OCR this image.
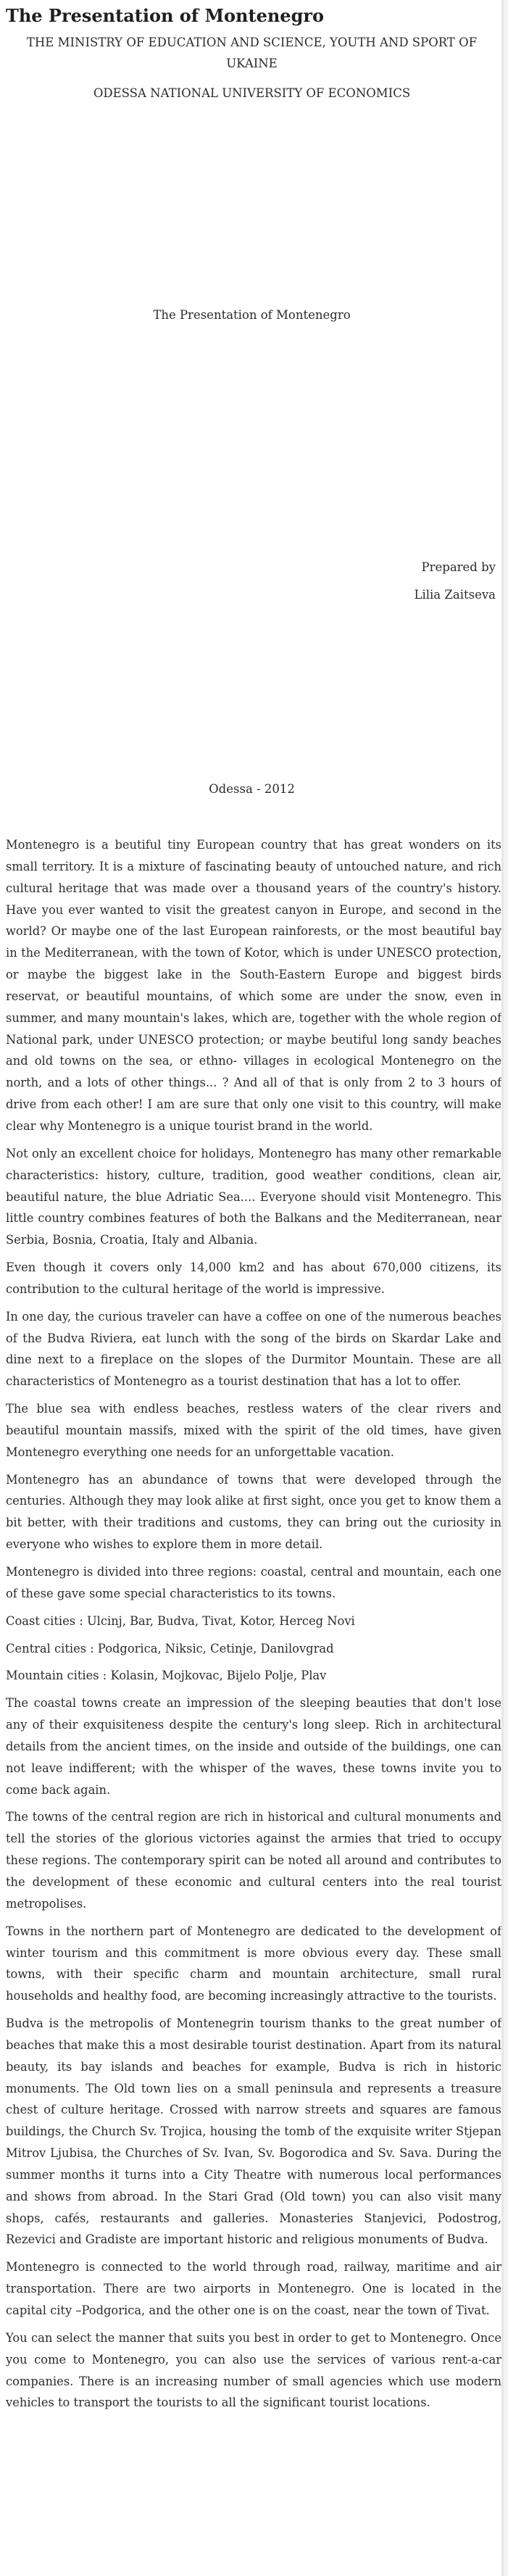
The Presentation of Montenegro
THE MINISTRY OF EDUCATION AND SCIENCE, YOUTH AND SPORT OF
UKAINE
ODESSA NATIONAL UNIVERSITY OF ECONOMICS
The Presentation of Montenegro
Prepared by
Lilia Zaitseva
Odessa - 2012

Montenegro is a beutiful tiny European country that has great wonders on its small territory. It is a mixture of fascinating beauty of untouched nature, and rich cultural heritage that was made over a thousand years of the country's history. Have you ever wanted to visit the greatest canyon in Europe, and second in the world? Or maybe one of the last European rainforests, or the most beautiful bay in the Mediterranean, with the town of Kotor, which is under UNESCO protection, or maybe the biggest lake in the South-Eastern Europe and biggest birds reservat, or beautiful mountains, of which some are under the snow, even in summer, and many mountain's lakes, which are, together with the whole region of National park, under UNESCO protection; or maybe beutiful long sandy beaches and old towns on the sea, or ethno- villages in ecological Montenegro on the north, and a lots of other things... ? And all of that is only from 2 to 3 hours of drive from each other! I am are sure that only one visit to this country, will make clear why Montenegro is a unique tourist brand in the world.

Not only an excellent choice for holidays, Montenegro has many other remarkable characteristics: history, culture, tradition, good weather conditions, clean air, beautiful nature, the blue Adriatic Sea.... Everyone should visit Montenegro. This little country combines features of both the Balkans and the Mediterranean, near Serbia, Bosnia, Croatia, Italy and Albania.

Even though it covers only 14,000 km2 and has about 670,000 citizens, its contribution to the cultural heritage of the world is impressive.

In one day, the curious traveler can have a coffee on one of the numerous beaches of the Budva Riviera, eat lunch with the song of the birds on Skardar Lake and dine next to a fireplace on the slopes of the Durmitor Mountain. These are all characteristics of Montenegro as a tourist destination that has a lot to offer.

The blue sea with endless beaches, restless waters of the clear rivers and beautiful mountain massifs, mixed with the spirit of the old times, have given Montenegro everything one needs for an unforgettable vacation.

Montenegro has an abundance of towns that were developed through the centuries. Although they may look alike at first sight, once you get to know them a bit better, with their traditions and customs, they can bring out the curiosity in everyone who wishes to explore them in more detail.

Montenegro is divided into three regions: coastal, central and mountain, each one of these gave some special characteristics to its towns.

Coast cities : Ulcinj, Bar, Budva, Tivat, Kotor, Herceg Novi

Central cities : Podgorica, Niksic, Cetinje, Danilovgrad

Mountain cities : Kolasin, Mojkovac, Bijelo Polje, Plav

The coastal towns create an impression of the sleeping beauties that don't lose any of their exquisiteness despite the century's long sleep. Rich in architectural details from the ancient times, on the inside and outside of the buildings, one can not leave indifferent; with the whisper of the waves, these towns invite you to come back again.

The towns of the central region are rich in historical and cultural monuments and tell the stories of the glorious victories against the armies that tried to occupy these regions. The contemporary spirit can be noted all around and contributes to the development of these economic and cultural centers into the real tourist metropolises.

Towns in the northern part of Montenegro are dedicated to the development of winter tourism and this commitment is more obvious every day. These small towns, with their specific charm and mountain architecture, small rural households and healthy food, are becoming increasingly attractive to the tourists.

Budva is the metropolis of Montenegrin tourism thanks to the great number of beaches that make this a most desirable tourist destination. Apart from its natural beauty, its bay islands and beaches for example, Budva is rich in historic monuments. The Old town lies on a small peninsula and represents a treasure chest of culture heritage. Crossed with narrow streets and squares are famous buildings, the Church Sv. Trojica, housing the tomb of the exquisite writer Stjepan Mitrov Ljubisa, the Churches of Sv. Ivan, Sv. Bogorodica and Sv. Sava. During the summer months it turns into a City Theatre with numerous local performances and shows from abroad. In the Stari Grad (Old town) you can also visit many shops, cafés, restaurants and galleries. Monasteries Stanjevici, Podostrog, Rezevici and Gradiste are important historic and religious monuments of Budva.

Montenegro is connected to the world through road, railway, maritime and air transportation. There are two airports in Montenegro. One is located in the capital city –Podgorica, and the other one is on the coast, near the town of Tivat.

You can select the manner that suits you best in order to get to Montenegro. Once you come to Montenegro, you can also use the services of various rent-a-car companies. There is an increasing number of small agencies which use modern vehicles to transport the tourists to all the significant tourist locations.
